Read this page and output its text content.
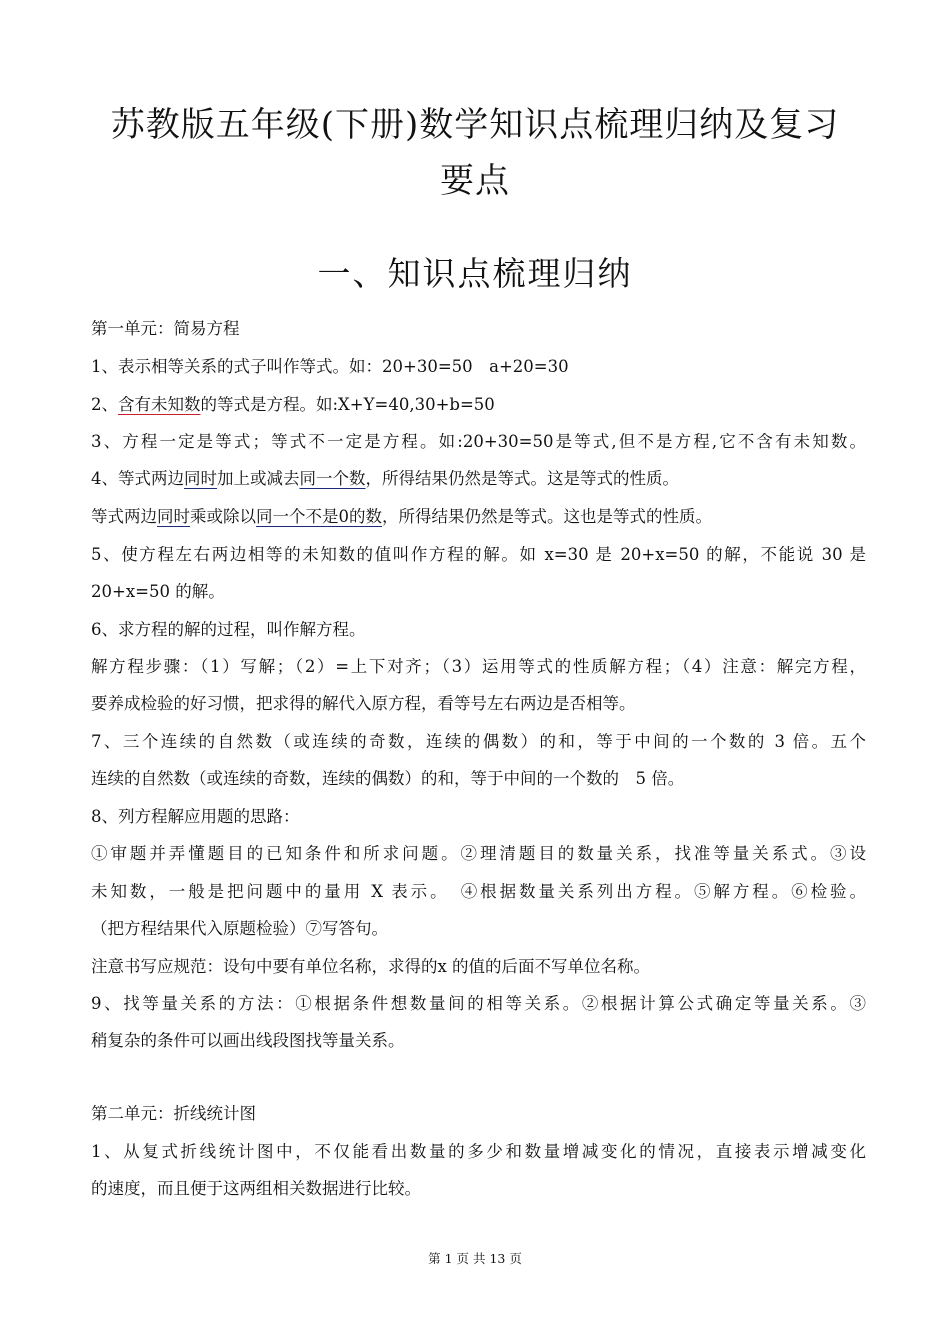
苏教版五年级(下册)数学知识点梳理归纳及复习
要点
一、知识点梳理归纳
第一单元：简易方程
1、表示相等关系的式子叫作等式。如：20+30=50　a+20=30
2、含有未知数的等式是方程。如:X+Y=40,30+b=50
3、方程一定是等式；等式不一定是方程。如:20+30=50是等式,但不是方程,它不含有未知数。
4、等式两边同时加上或减去同一个数，所得结果仍然是等式。这是等式的性质。
等式两边同时乘或除以同一个不是0的数，所得结果仍然是等式。这也是等式的性质。
5、使方程左右两边相等的未知数的值叫作方程的解。如 x=30 是 20+x=50 的解，不能说 30 是
20+x=50 的解。
6、求方程的解的过程，叫作解方程。
解方程步骤：（1）写解；（2）=上下对齐；（3）运用等式的性质解方程；（4）注意：解完方程，
要养成检验的好习惯，把求得的解代入原方程，看等号左右两边是否相等。
7、三个连续的自然数（或连续的奇数，连续的偶数）的和，等于中间的一个数的 3 倍。五个
连续的自然数（或连续的奇数，连续的偶数）的和，等于中间的一个数的　5 倍。
8、列方程解应用题的思路：
①审题并弄懂题目的已知条件和所求问题。②理清题目的数量关系，找准等量关系式。③设
未知数，一般是把问题中的量用 X 表示。　④根据数量关系列出方程。⑤解方程。⑥检验。
（把方程结果代入原题检验）⑦写答句。
注意书写应规范：设句中要有单位名称，求得的x 的值的后面不写单位名称。
9、找等量关系的方法：①根据条件想数量间的相等关系。②根据计算公式确定等量关系。③
稍复杂的条件可以画出线段图找等量关系。
第二单元：折线统计图
1、从复式折线统计图中，不仅能看出数量的多少和数量增减变化的情况，直接表示增减变化
的速度，而且便于这两组相关数据进行比较。
第 1 页 共 13 页
